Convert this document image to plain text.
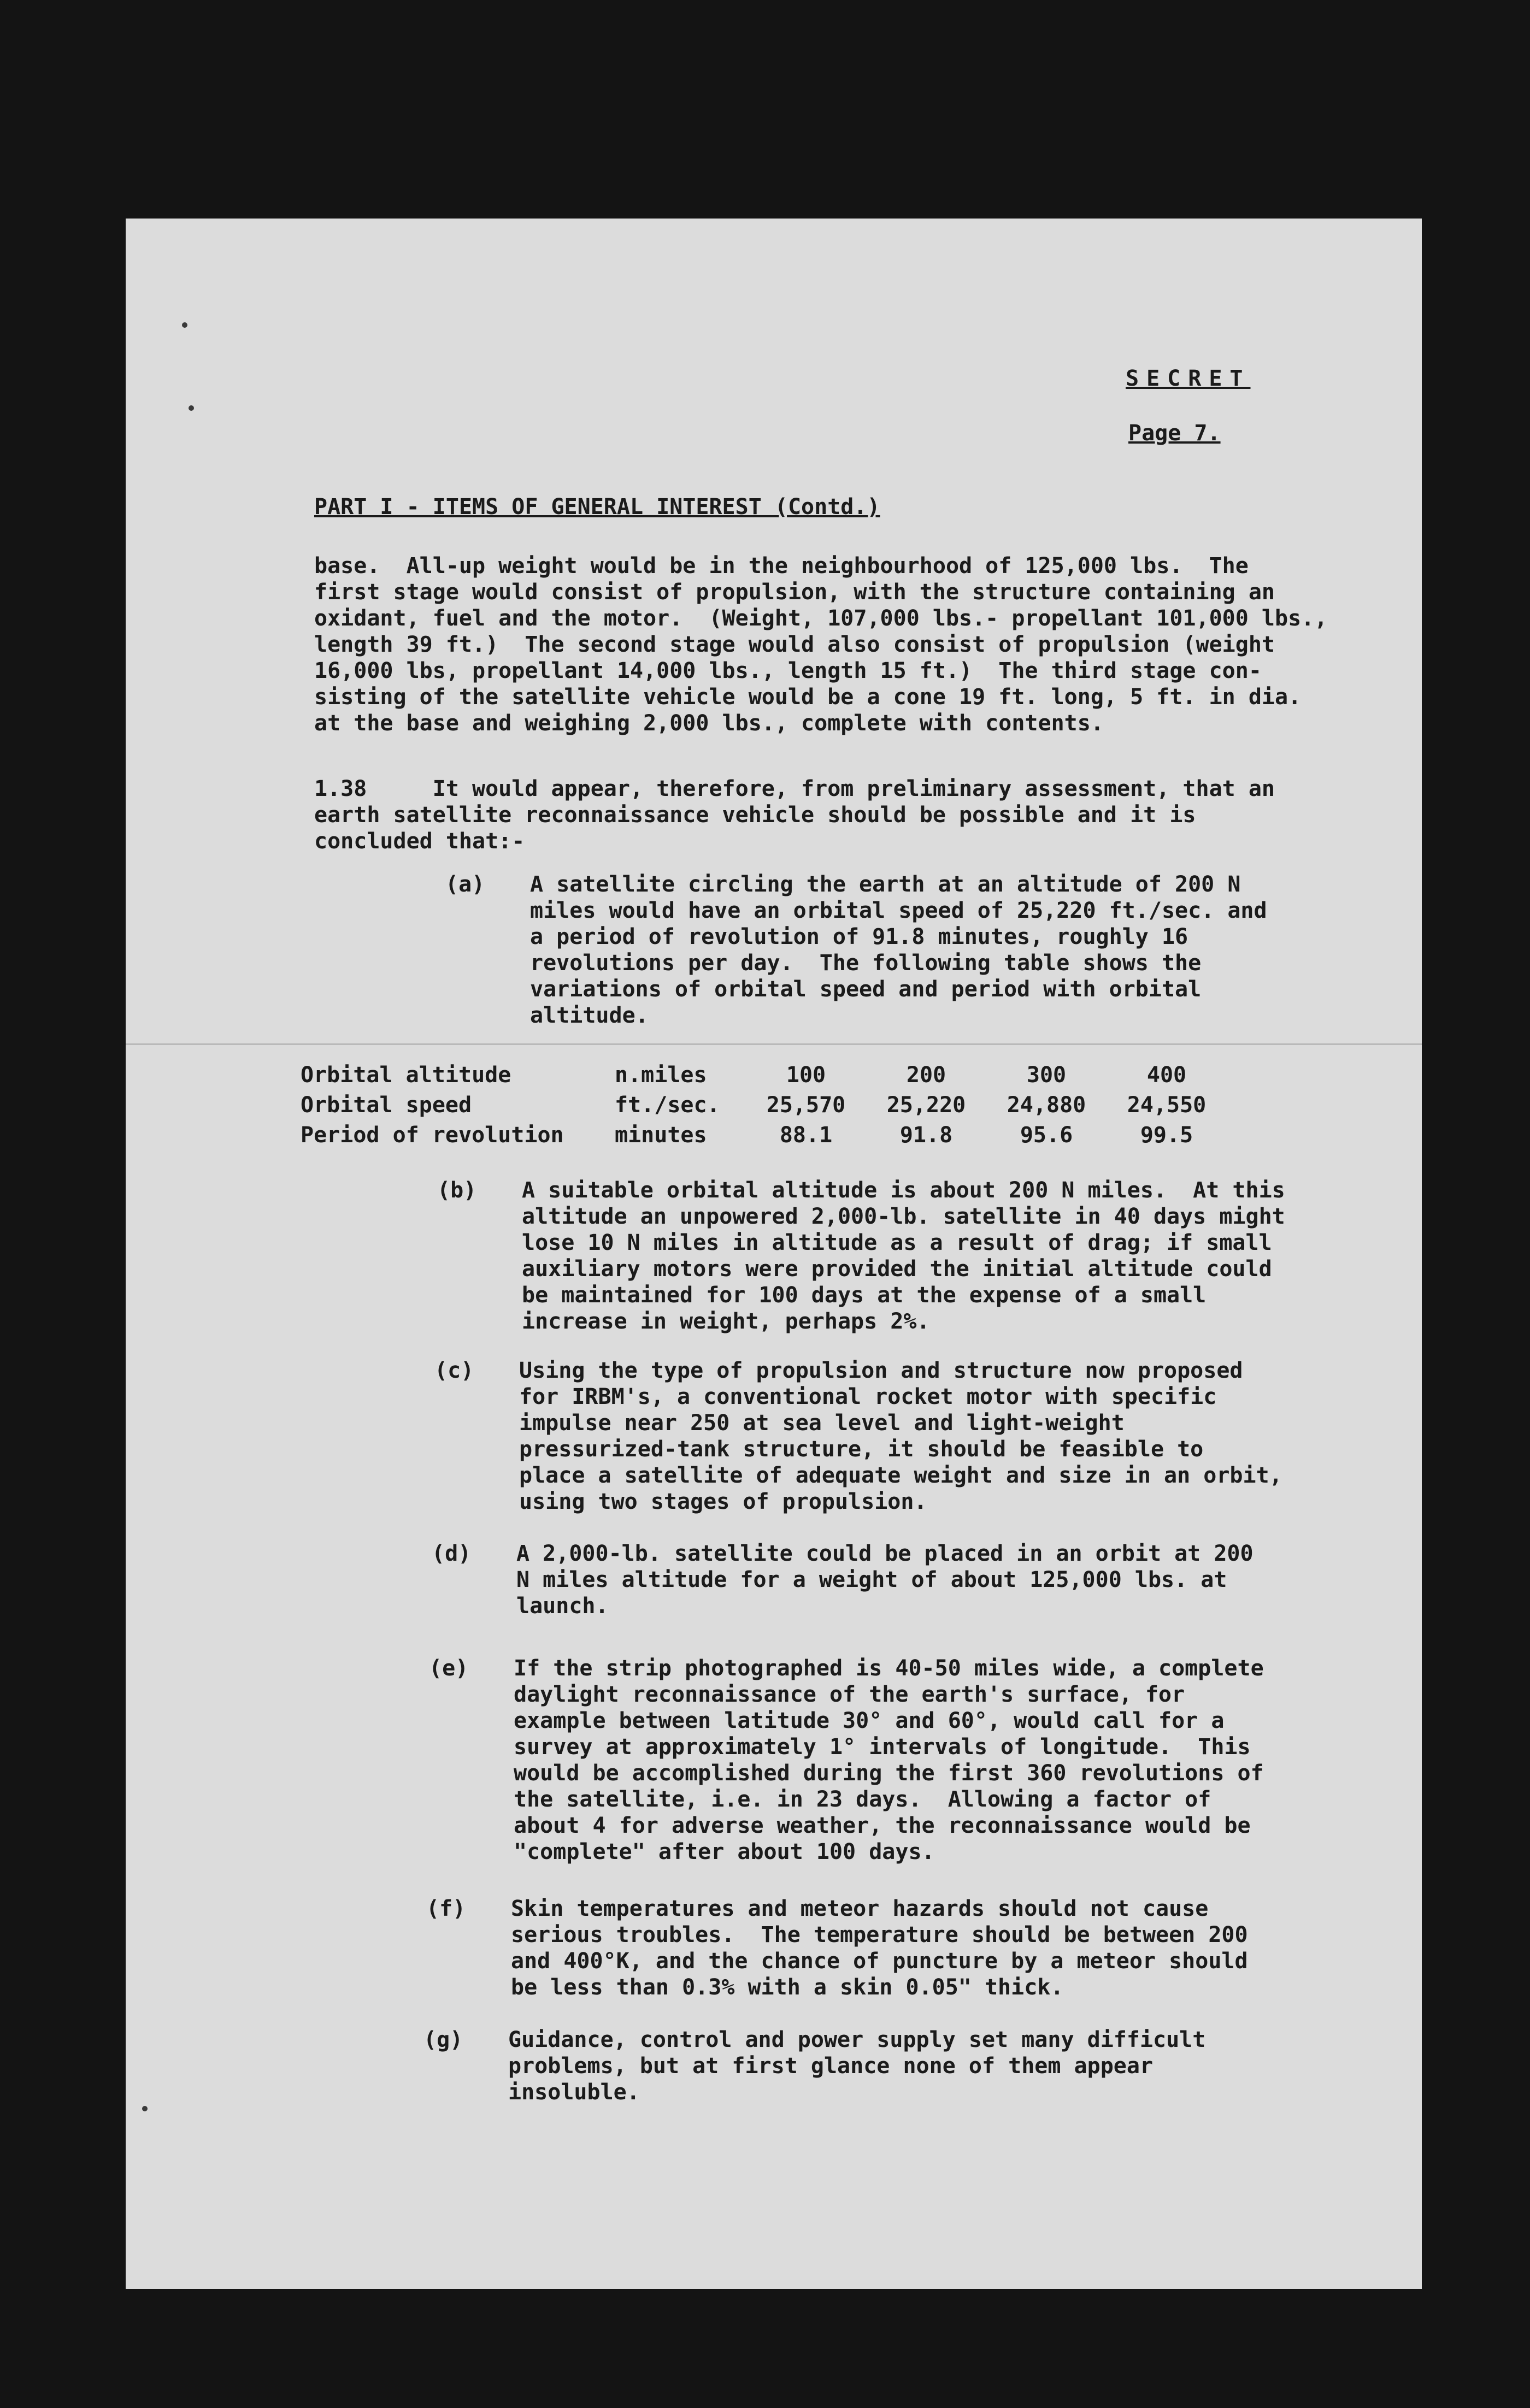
SECRET
Page 7.
PART I - ITEMS OF GENERAL INTEREST (Contd.)
base.  All-up weight would be in the neighbourhood of 125,000 lbs.  The
first stage would consist of propulsion, with the structure containing an
oxidant, fuel and the motor.  (Weight, 107,000 lbs.- propellant 101,000 lbs.,
length 39 ft.)  The second stage would also consist of propulsion (weight
16,000 lbs, propellant 14,000 lbs., length 15 ft.)  The third stage con-
sisting of the satellite vehicle would be a cone 19 ft. long, 5 ft. in dia.
at the base and weighing 2,000 lbs., complete with contents.
1.38     It would appear, therefore, from preliminary assessment, that an
earth satellite reconnaissance vehicle should be possible and it is
concluded that:-
(a) A satellite circling the earth at an altitude of 200 N
miles would have an orbital speed of 25,220 ft./sec. and
a period of revolution of 91.8 minutes, roughly 16
revolutions per day.  The following table shows the
variations of orbital speed and period with orbital
altitude.
Orbital altitude	n.miles	100	200	300	400
Orbital speed	ft./sec.	25,570	25,220	24,880	24,550
Period of revolution	minutes	88.1	91.8	95.6	99.5
(b) A suitable orbital altitude is about 200 N miles.  At this
altitude an unpowered 2,000-lb. satellite in 40 days might
lose 10 N miles in altitude as a result of drag; if small
auxiliary motors were provided the initial altitude could
be maintained for 100 days at the expense of a small
increase in weight, perhaps 2%.
(c) Using the type of propulsion and structure now proposed
for IRBM's, a conventional rocket motor with specific
impulse near 250 at sea level and light-weight
pressurized-tank structure, it should be feasible to
place a satellite of adequate weight and size in an orbit,
using two stages of propulsion.
(d) A 2,000-lb. satellite could be placed in an orbit at 200
N miles altitude for a weight of about 125,000 lbs. at
launch.
(e) If the strip photographed is 40-50 miles wide, a complete
daylight reconnaissance of the earth's surface, for
example between latitude 30° and 60°, would call for a
survey at approximately 1° intervals of longitude.  This
would be accomplished during the first 360 revolutions of
the satellite, i.e. in 23 days.  Allowing a factor of
about 4 for adverse weather, the reconnaissance would be
"complete" after about 100 days.
(f) Skin temperatures and meteor hazards should not cause
serious troubles.  The temperature should be between 200
and 400°K, and the chance of puncture by a meteor should
be less than 0.3% with a skin 0.05" thick.
(g) Guidance, control and power supply set many difficult
problems, but at first glance none of them appear
insoluble.
